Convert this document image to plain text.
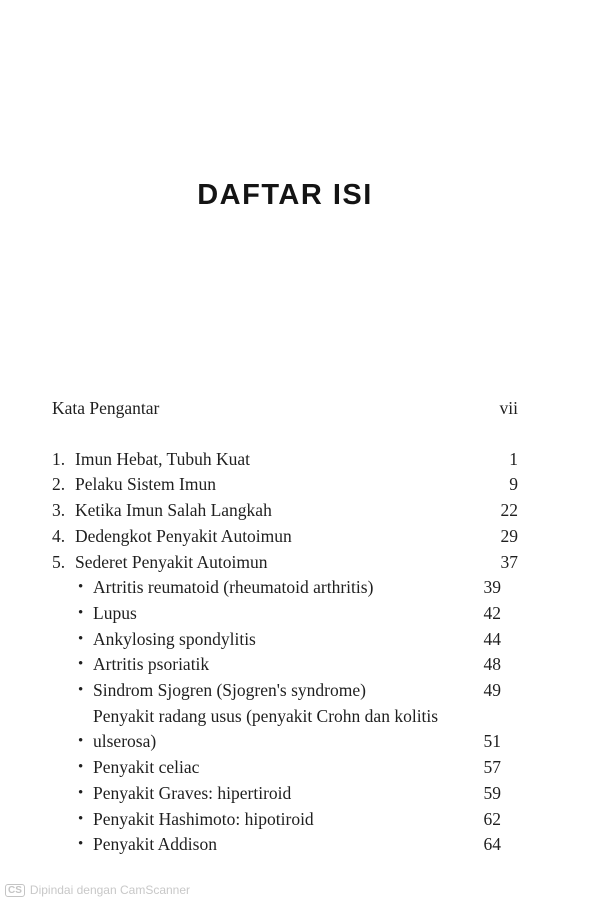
DAFTAR ISI
Kata Pengantar	vii
1. Imun Hebat, Tubuh Kuat	1
2. Pelaku Sistem Imun	9
3. Ketika Imun Salah Langkah	22
4. Dedengkot Penyakit Autoimun	29
5. Sederet Penyakit Autoimun	37
• Artritis reumatoid (rheumatoid arthritis)	39
• Lupus	42
• Ankylosing spondylitis	44
• Artritis psoriatik	48
• Sindrom Sjogren (Sjogren's syndrome)	49
•
Penyakit radang usus (penyakit Crohn dan kolitis ulserosa)	51
• Penyakit celiac	57
• Penyakit Graves: hipertiroid	59
• Penyakit Hashimoto: hipotiroid	62
• Penyakit Addison	64
CS Dipindai dengan CamScanner
